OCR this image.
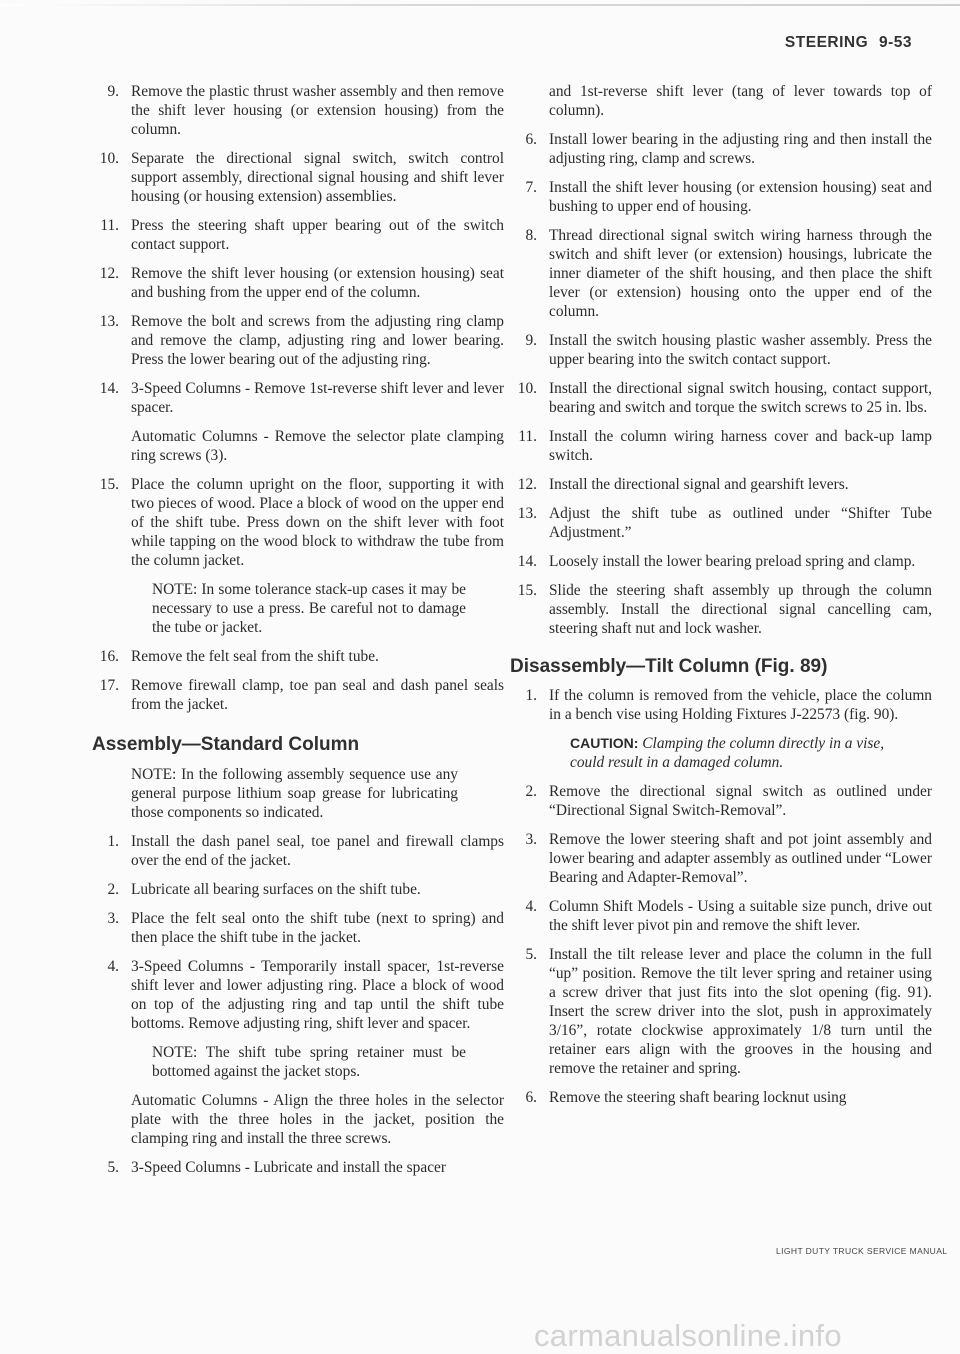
STEERING 9-53
9. Remove the plastic thrust washer assembly and then remove the shift lever housing (or extension housing) from the column.
10. Separate the directional signal switch, switch control support assembly, directional signal housing and shift lever housing (or housing extension) assemblies.
11. Press the steering shaft upper bearing out of the switch contact support.
12. Remove the shift lever housing (or extension housing) seat and bushing from the upper end of the column.
13. Remove the bolt and screws from the adjusting ring clamp and remove the clamp, adjusting ring and lower bearing. Press the lower bearing out of the adjusting ring.
14. 3-Speed Columns - Remove 1st-reverse shift lever and lever spacer.
Automatic Columns - Remove the selector plate clamping ring screws (3).
15. Place the column upright on the floor, supporting it with two pieces of wood. Place a block of wood on the upper end of the shift tube. Press down on the shift lever with foot while tapping on the wood block to withdraw the tube from the column jacket.
NOTE: In some tolerance stack-up cases it may be necessary to use a press. Be careful not to damage the tube or jacket.
16. Remove the felt seal from the shift tube.
17. Remove firewall clamp, toe pan seal and dash panel seals from the jacket.
Assembly—Standard Column
NOTE: In the following assembly sequence use any general purpose lithium soap grease for lubricating those components so indicated.
1. Install the dash panel seal, toe panel and firewall clamps over the end of the jacket.
2. Lubricate all bearing surfaces on the shift tube.
3. Place the felt seal onto the shift tube (next to spring) and then place the shift tube in the jacket.
4. 3-Speed Columns - Temporarily install spacer, 1st-reverse shift lever and lower adjusting ring. Place a block of wood on top of the adjusting ring and tap until the shift tube bottoms. Remove adjusting ring, shift lever and spacer.
NOTE: The shift tube spring retainer must be bottomed against the jacket stops.
Automatic Columns - Align the three holes in the selector plate with the three holes in the jacket, position the clamping ring and install the three screws.
5. 3-Speed Columns - Lubricate and install the spacer
and 1st-reverse shift lever (tang of lever towards top of column).
6. Install lower bearing in the adjusting ring and then install the adjusting ring, clamp and screws.
7. Install the shift lever housing (or extension housing) seat and bushing to upper end of housing.
8. Thread directional signal switch wiring harness through the switch and shift lever (or extension) housings, lubricate the inner diameter of the shift housing, and then place the shift lever (or extension) housing onto the upper end of the column.
9. Install the switch housing plastic washer assembly. Press the upper bearing into the switch contact support.
10. Install the directional signal switch housing, contact support, bearing and switch and torque the switch screws to 25 in. lbs.
11. Install the column wiring harness cover and back-up lamp switch.
12. Install the directional signal and gearshift levers.
13. Adjust the shift tube as outlined under “Shifter Tube Adjustment.”
14. Loosely install the lower bearing preload spring and clamp.
15. Slide the steering shaft assembly up through the column assembly. Install the directional signal cancelling cam, steering shaft nut and lock washer.
Disassembly—Tilt Column (Fig. 89)
1. If the column is removed from the vehicle, place the column in a bench vise using Holding Fixtures J-22573 (fig. 90).
CAUTION: Clamping the column directly in a vise, could result in a damaged column.
2. Remove the directional signal switch as outlined under “Directional Signal Switch-Removal”.
3. Remove the lower steering shaft and pot joint assembly and lower bearing and adapter assembly as outlined under “Lower Bearing and Adapter-Removal”.
4. Column Shift Models - Using a suitable size punch, drive out the shift lever pivot pin and remove the shift lever.
5. Install the tilt release lever and place the column in the full “up” position. Remove the tilt lever spring and retainer using a screw driver that just fits into the slot opening (fig. 91). Insert the screw driver into the slot, push in approximately 3/16”, rotate clockwise approximately 1/8 turn until the retainer ears align with the grooves in the housing and remove the retainer and spring.
6. Remove the steering shaft bearing locknut using
LIGHT DUTY TRUCK SERVICE MANUAL
carmanualsonline.info
